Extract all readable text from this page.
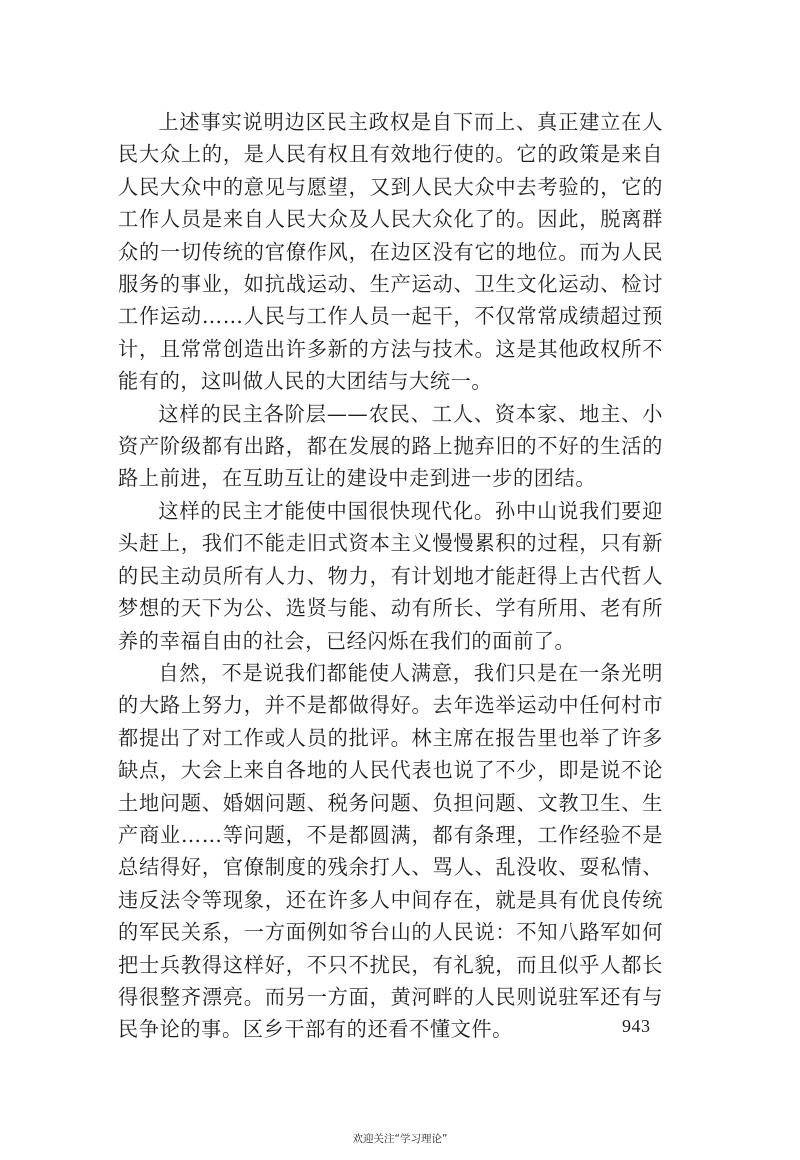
上述事实说明边区民主政权是自下而上、真正建立在人民大众上的，是人民有权且有效地行使的。它的政策是来自人民大众中的意见与愿望，又到人民大众中去考验的，它的工作人员是来自人民大众及人民大众化了的。因此，脱离群众的一切传统的官僚作风，在边区没有它的地位。而为人民服务的事业，如抗战运动、生产运动、卫生文化运动、检讨工作运动……人民与工作人员一起干，不仅常常成绩超过预计，且常常创造出许多新的方法与技术。这是其他政权所不能有的，这叫做人民的大团结与大统一。

这样的民主各阶层——农民、工人、资本家、地主、小资产阶级都有出路，都在发展的路上抛弃旧的不好的生活的路上前进，在互助互让的建设中走到进一步的团结。

这样的民主才能使中国很快现代化。孙中山说我们要迎头赶上，我们不能走旧式资本主义慢慢累积的过程，只有新的民主动员所有人力、物力，有计划地才能赶得上古代哲人梦想的天下为公、选贤与能、动有所长、学有所用、老有所养的幸福自由的社会，已经闪烁在我们的面前了。

自然，不是说我们都能使人满意，我们只是在一条光明的大路上努力，并不是都做得好。去年选举运动中任何村市都提出了对工作或人员的批评。林主席在报告里也举了许多缺点，大会上来自各地的人民代表也说了不少，即是说不论土地问题、婚姻问题、税务问题、负担问题、文教卫生、生产商业……等问题，不是都圆满，都有条理，工作经验不是总结得好，官僚制度的残余打人、骂人、乱没收、耍私情、违反法令等现象，还在许多人中间存在，就是具有优良传统的军民关系，一方面例如爷台山的人民说：不知八路军如何把士兵教得这样好，不只不扰民，有礼貌，而且似乎人都长得很整齐漂亮。而另一方面，黄河畔的人民则说驻军还有与民争论的事。区乡干部有的还看不懂文件。	943
欢迎关注“学习理论”
